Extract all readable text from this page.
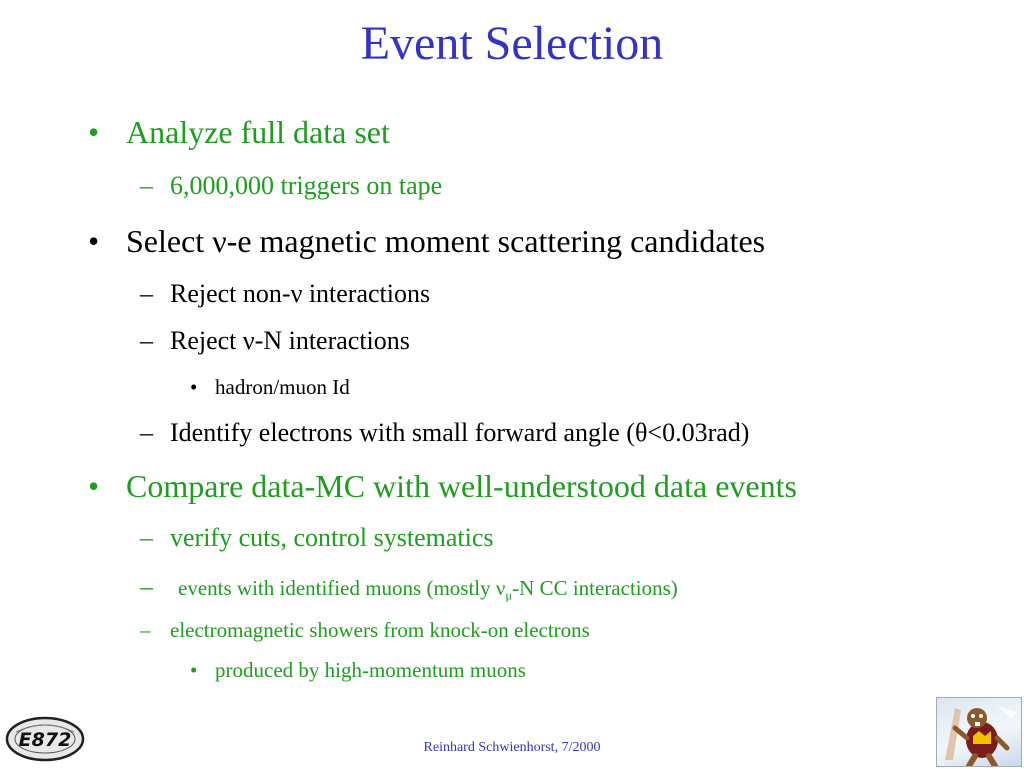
Event Selection
• Analyze full data set
– 6,000,000 triggers on tape
• Select ν-e magnetic moment scattering candidates
– Reject non-ν interactions
– Reject ν-N interactions
• hadron/muon Id
– Identify electrons with small forward angle (θ<0.03rad)
• Compare data-MC with well-understood data events
– verify cuts, control systematics
– events with identified muons (mostly $\nu_\mu-N$ CC interactions)
– electromagnetic showers from knock-on electrons
• produced by high-momentum muons
Reinhard Schwienhorst, 7/2000
E872
